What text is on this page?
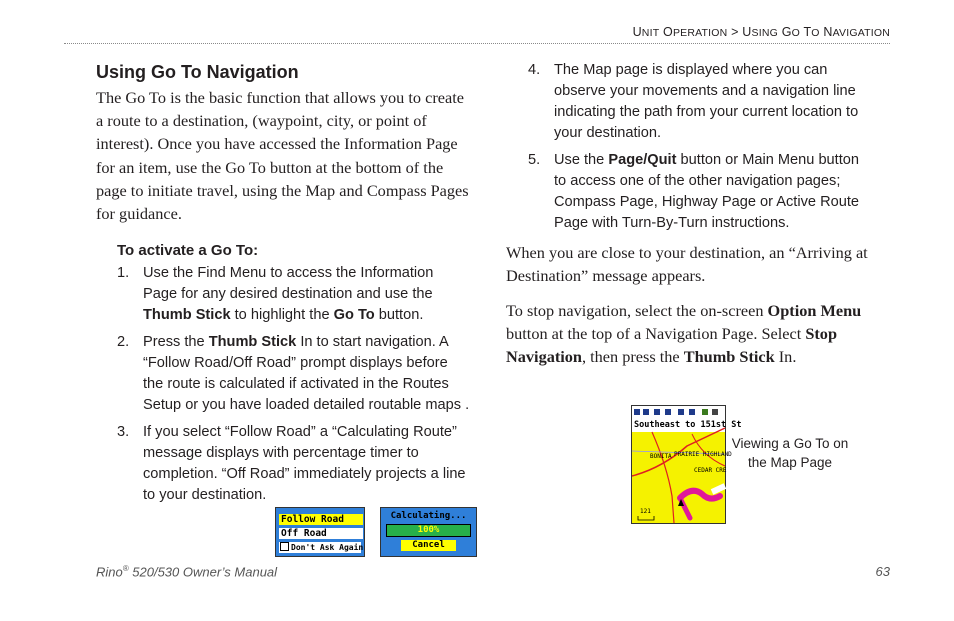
UNIT OPERATION > USING GO TO NAVIGATION
Using Go To Navigation
The Go To is the basic function that allows you to create
a route to a destination, (waypoint, city, or point of
interest). Once you have accessed the Information Page
for an item, use the Go To button at the bottom of the
page to initiate travel, using the Map and Compass Pages
for guidance.
To activate a Go To:
1. Use the Find Menu to access the Information
Page for any desired destination and use the
Thumb Stick to highlight the Go To button.
2. Press the Thumb Stick In to start navigation. A
“Follow Road/Off Road” prompt displays before
the route is calculated if activated in the Routes
Setup or you have loaded detailed routable maps .
3. If you select “Follow Road” a “Calculating Route”
message displays with percentage timer to
completion. “Off Road” immediately projects a line
to your destination.
Follow Road
Off Road
Don't Ask Again
Calculating...
100%
Cancel
4. The Map page is displayed where you can
observe your movements and a navigation line
indicating the path from your current location to
your destination.
5. Use the Page/Quit button or Main Menu button
to access one of the other navigation pages;
Compass Page, Highway Page or Active Route
Page with Turn-By-Turn instructions.
When you are close to your destination, an “Arriving at
Destination” message appears.
To stop navigation, select the on-screen Option Menu
button at the top of a Navigation Page. Select Stop
Navigation, then press the Thumb Stick In.
Southeast to 151st St
BONITA PRAIRIE HIGHLAND
CEDAR CRE
121
Viewing a Go To on
the Map Page
Rino® 520/530 Owner’s Manual	63
